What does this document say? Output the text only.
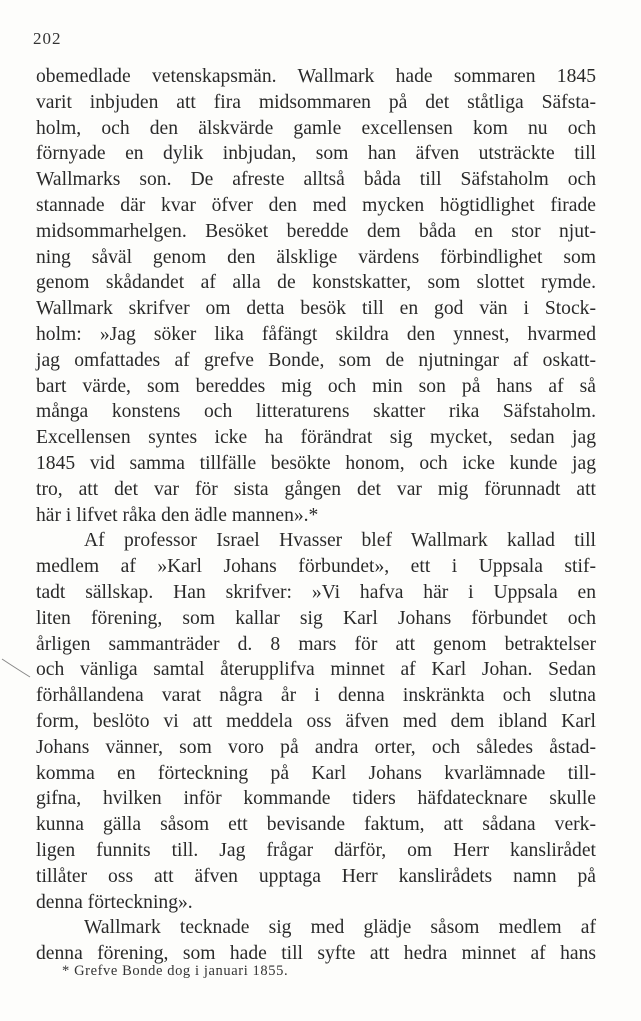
202
obemedlade vetenskapsmän. Wallmark hade sommaren 1845
varit inbjuden att fira midsommaren på det ståtliga Säfsta-
holm, och den älskvärde gamle excellensen kom nu och
förnyade en dylik inbjudan, som han äfven utsträckte till
Wallmarks son. De afreste alltså båda till Säfstaholm och
stannade där kvar öfver den med mycken högtidlighet firade
midsommarhelgen. Besöket beredde dem båda en stor njut-
ning såväl genom den älsklige värdens förbindlighet som
genom skådandet af alla de konstskatter, som slottet rymde.
Wallmark skrifver om detta besök till en god vän i Stock-
holm: »Jag söker lika fåfängt skildra den ynnest, hvarmed
jag omfattades af grefve Bonde, som de njutningar af oskatt-
bart värde, som bereddes mig och min son på hans af så
många konstens och litteraturens skatter rika Säfstaholm.
Excellensen syntes icke ha förändrat sig mycket, sedan jag
1845 vid samma tillfälle besökte honom, och icke kunde jag
tro, att det var för sista gången det var mig förunnadt att
här i lifvet råka den ädle mannen».*
Af professor Israel Hvasser blef Wallmark kallad till
medlem af »Karl Johans förbundet», ett i Uppsala stif-
tadt sällskap. Han skrifver: »Vi hafva här i Uppsala en
liten förening, som kallar sig Karl Johans förbundet och
årligen sammanträder d. 8 mars för att genom betraktelser
och vänliga samtal återupplifva minnet af Karl Johan. Sedan
förhållandena varat några år i denna inskränkta och slutna
form, beslöto vi att meddela oss äfven med dem ibland Karl
Johans vänner, som voro på andra orter, och således åstad-
komma en förteckning på Karl Johans kvarlämnade till-
gifna, hvilken inför kommande tiders häfdatecknare skulle
kunna gälla såsom ett bevisande faktum, att sådana verk-
ligen funnits till. Jag frågar därför, om Herr kanslirådet
tillåter oss att äfven upptaga Herr kanslirådets namn på
denna förteckning».
Wallmark tecknade sig med glädje såsom medlem af
denna förening, som hade till syfte att hedra minnet af hans
* Grefve Bonde dog i januari 1855.
